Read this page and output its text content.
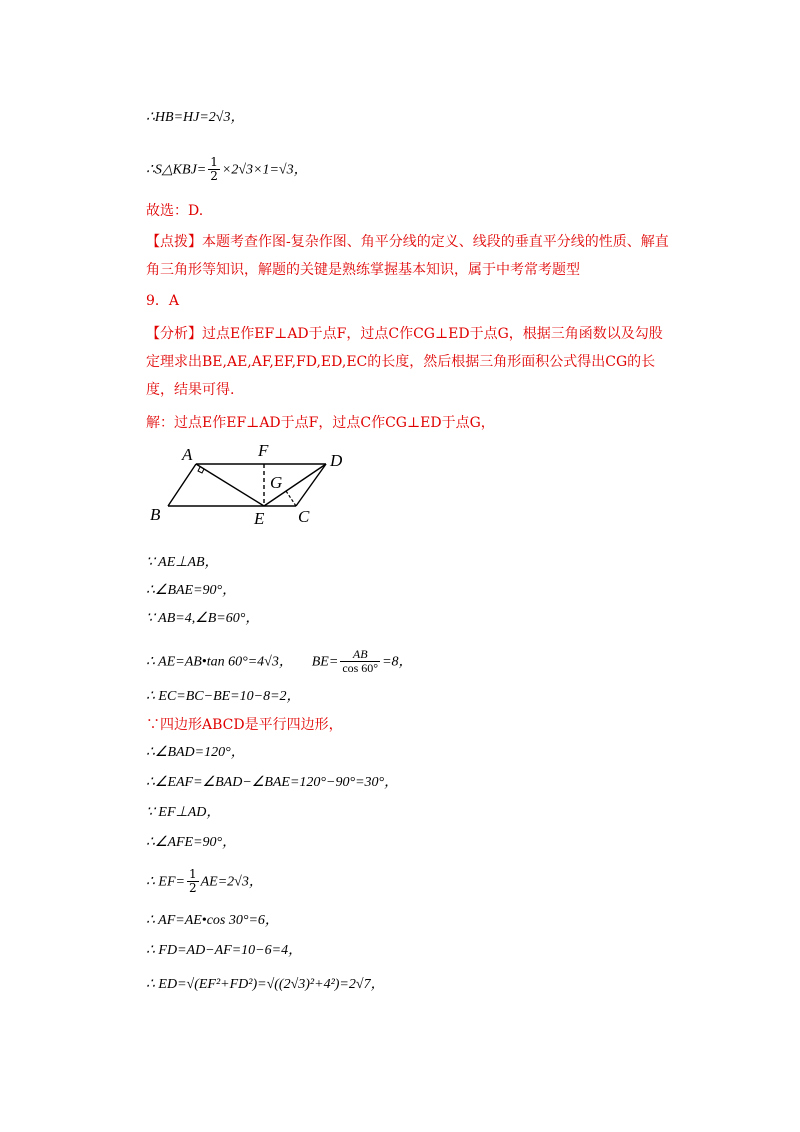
∴HB=HJ=2√3，
∴S△KBJ= $\frac{1}{2} \times 2√3\times 1=√3$，
故选：D.
【点拨】本题考查作图-复杂作图、角平分线的定义、线段的垂直平分线的性质、解直角三角形等知识，解题的关键是熟练掌握基本知识，属于中考常考题型
9．A
【分析】过点E作EF⊥AD于点F，过点C作CG⊥ED于点G，根据三角函数以及勾股定理求出BE,AE,AF,EF,FD,ED,EC的长度，然后根据三角形面积公式得出CG的长度，结果可得.
解：过点E作EF⊥AD于点F，过点C作CG⊥ED于点G，
A	F
D
B	E C
G
∵ AE⊥AB，
∴∠BAE=90°，
∵ AB=4,∠B=60°，
∴ AE=AB•tan 60°=4√3， $BE= \frac{AB}{\cos 60^\circ} =8$，
∴ EC=BC−BE=10−8=2，
∵四边形ABCD是平行四边形，
∴∠BAD=120°，
∴∠EAF=∠BAD−∠BAE=120°−90°=30°，
∵ EF⊥AD，
∴∠AFE=90°，
∴ $EF= \frac{1}{2} AE=2√3$，
∴ AF=AE•cos 30°=6，
∴ FD=AD−AF=10−6=4，
∴ ED=√(EF²+FD²)=√((2√3)²+4²)=2√7，
